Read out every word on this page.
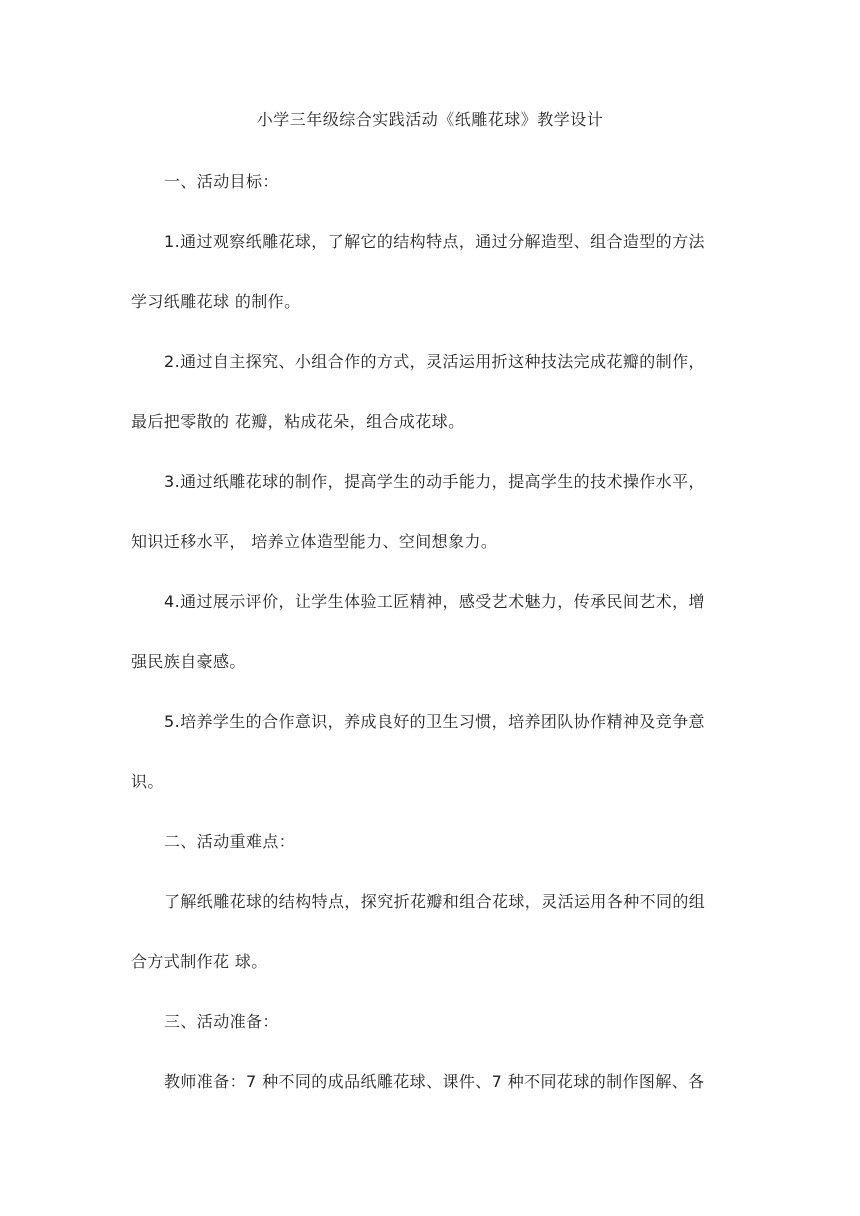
小学三年级综合实践活动《纸雕花球》教学设计
一、活动目标：
1.通过观察纸雕花球，了解它的结构特点，通过分解造型、组合造型的方法
学习纸雕花球 的制作。
2.通过自主探究、小组合作的方式，灵活运用折这种技法完成花瓣的制作，
最后把零散的 花瓣，粘成花朵，组合成花球。
3.通过纸雕花球的制作，提高学生的动手能力，提高学生的技术操作水平，
知识迁移水平， 培养立体造型能力、空间想象力。
4.通过展示评价，让学生体验工匠精神，感受艺术魅力，传承民间艺术，增
强民族自豪感。
5.培养学生的合作意识，养成良好的卫生习惯，培养团队协作精神及竞争意
识。
二、活动重难点：
了解纸雕花球的结构特点，探究折花瓣和组合花球，灵活运用各种不同的组
合方式制作花 球。
三、活动准备：
教师准备：7 种不同的成品纸雕花球、课件、7 种不同花球的制作图解、各
